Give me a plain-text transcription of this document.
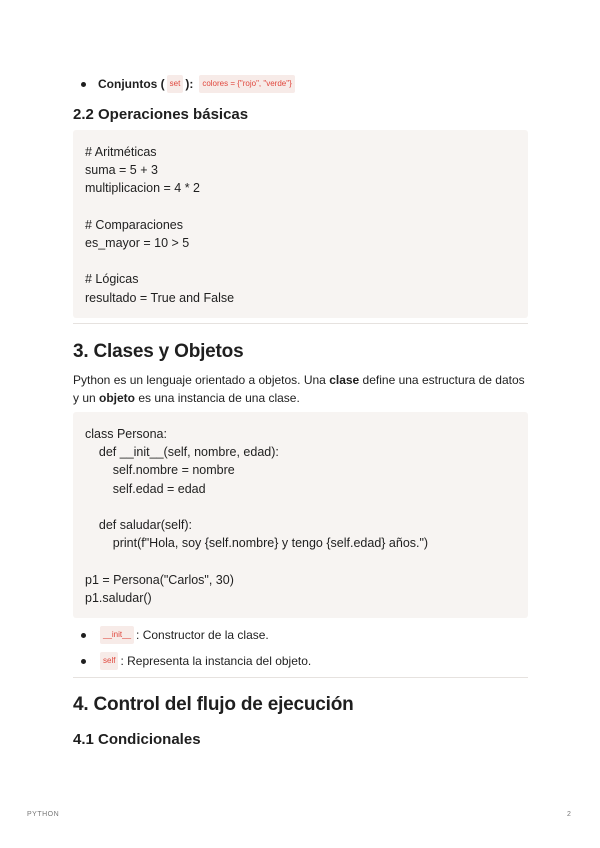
Conjuntos ( set ):	colores = {"rojo", "verde"}
2.2 Operaciones básicas
# Aritméticas
suma = 5 + 3
multiplicacion = 4 * 2
# Comparaciones
es_mayor = 10 > 5
# Lógicas
resultado = True and False
3. Clases y Objetos

Python es un lenguaje orientado a objetos. Una clase define una estructura de datos y un objeto es una instancia de una clase.

class Persona:
def __init__(self, nombre, edad):
self.nombre = nombre
self.edad = edad
def saludar(self):
print(f"Hola, soy {self.nombre} y tengo {self.edad} años.")
p1 = Persona("Carlos", 30)
p1.saludar()
__init__ : Constructor de la clase.
self : Representa la instancia del objeto.
4. Control del flujo de ejecución
4.1 Condicionales
PYTHON	2
